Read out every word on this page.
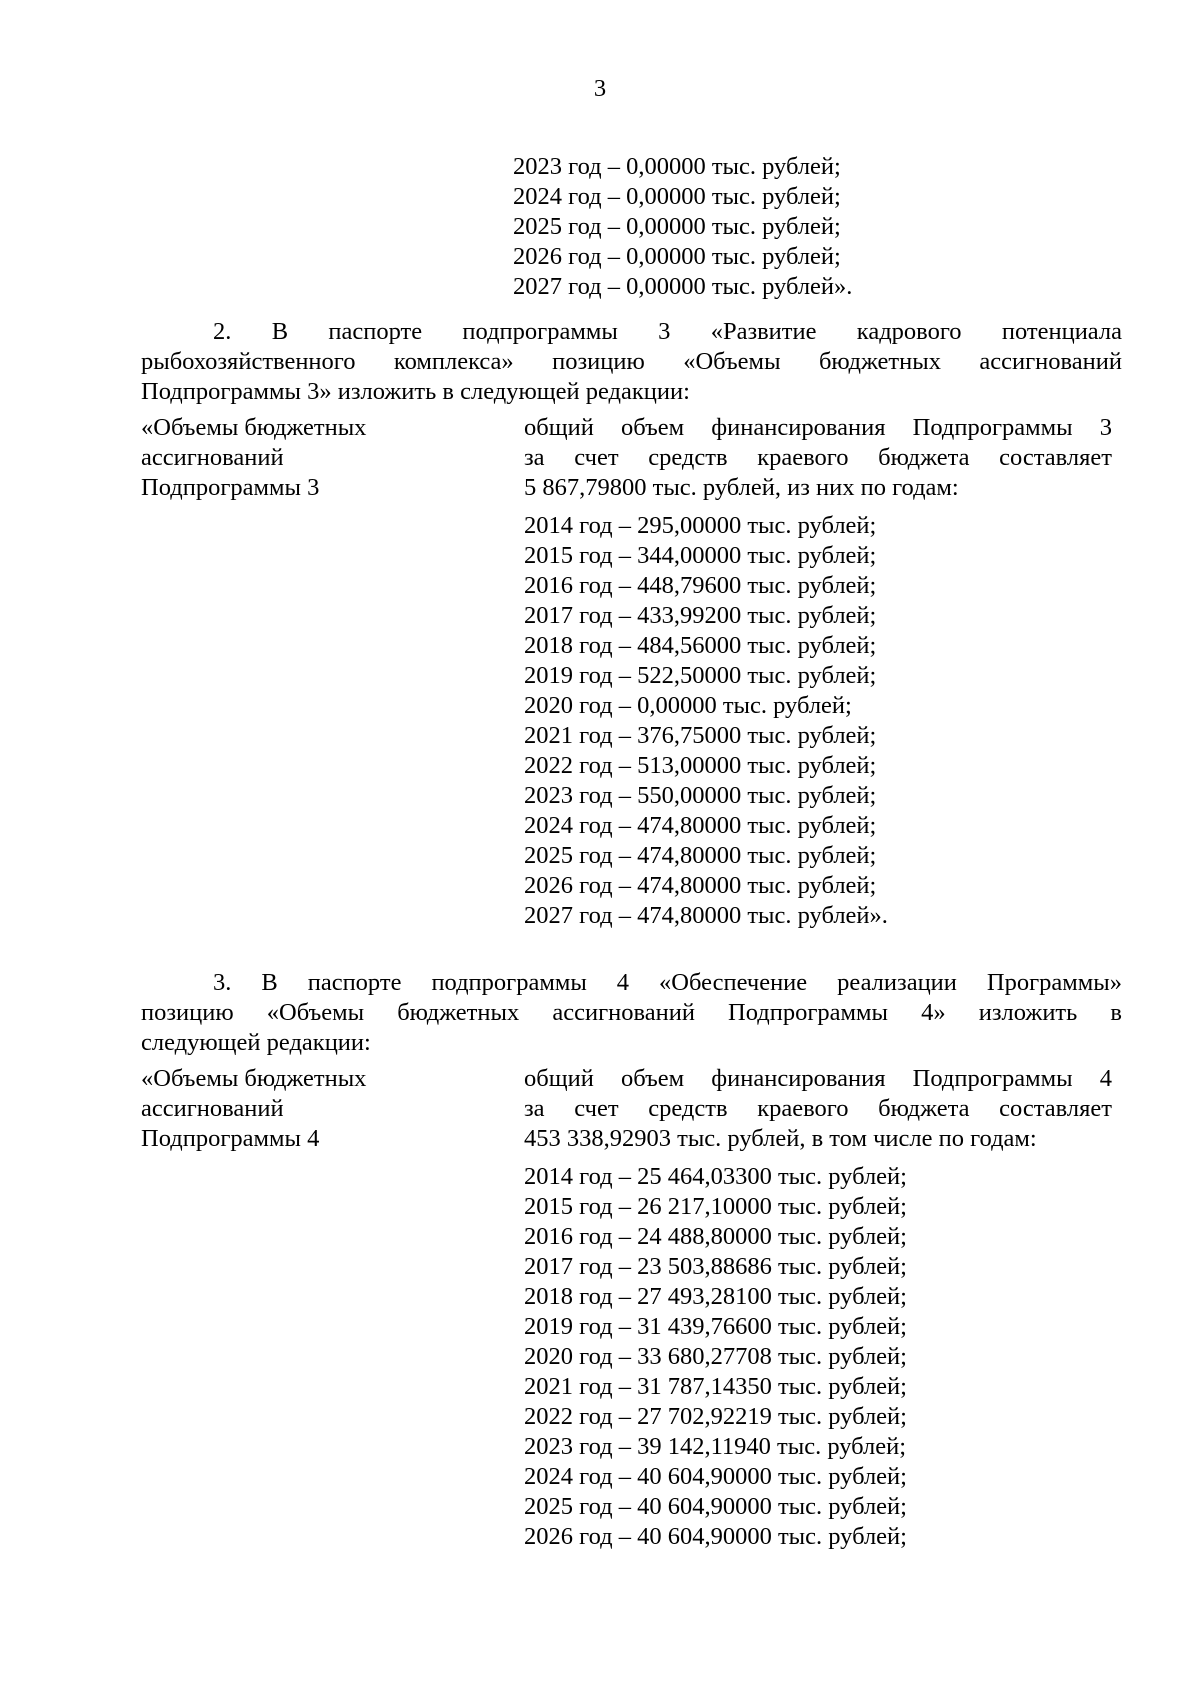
3
2023 год – 0,00000 тыс. рублей;
2024 год – 0,00000 тыс. рублей;
2025 год – 0,00000 тыс. рублей;
2026 год – 0,00000 тыс. рублей;
2027 год – 0,00000 тыс. рублей».
2. В паспорте подпрограммы 3 «Развитие кадрового потенциала
рыбохозяйственного комплекса» позицию «Объемы бюджетных ассигнований
Подпрограммы 3» изложить в следующей редакции:
«Объемы бюджетных
ассигнований
Подпрограммы 3
общий объем финансирования Подпрограммы 3
за счет средств краевого бюджета составляет
5 867,79800 тыс. рублей, из них по годам:
2014 год – 295,00000 тыс. рублей;
2015 год – 344,00000 тыс. рублей;
2016 год – 448,79600 тыс. рублей;
2017 год – 433,99200 тыс. рублей;
2018 год – 484,56000 тыс. рублей;
2019 год – 522,50000 тыс. рублей;
2020 год – 0,00000 тыс. рублей;
2021 год – 376,75000 тыс. рублей;
2022 год – 513,00000 тыс. рублей;
2023 год – 550,00000 тыс. рублей;
2024 год – 474,80000 тыс. рублей;
2025 год – 474,80000 тыс. рублей;
2026 год – 474,80000 тыс. рублей;
2027 год – 474,80000 тыс. рублей».
3. В паспорте подпрограммы 4 «Обеспечение реализации Программы»
позицию «Объемы бюджетных ассигнований Подпрограммы 4» изложить в
следующей редакции:
«Объемы бюджетных
ассигнований
Подпрограммы 4
общий объем финансирования Подпрограммы 4
за счет средств краевого бюджета составляет
453 338,92903 тыс. рублей, в том числе по годам:
2014 год – 25 464,03300 тыс. рублей;
2015 год – 26 217,10000 тыс. рублей;
2016 год – 24 488,80000 тыс. рублей;
2017 год – 23 503,88686 тыс. рублей;
2018 год – 27 493,28100 тыс. рублей;
2019 год – 31 439,76600 тыс. рублей;
2020 год – 33 680,27708 тыс. рублей;
2021 год – 31 787,14350 тыс. рублей;
2022 год – 27 702,92219 тыс. рублей;
2023 год – 39 142,11940 тыс. рублей;
2024 год – 40 604,90000 тыс. рублей;
2025 год – 40 604,90000 тыс. рублей;
2026 год – 40 604,90000 тыс. рублей;
